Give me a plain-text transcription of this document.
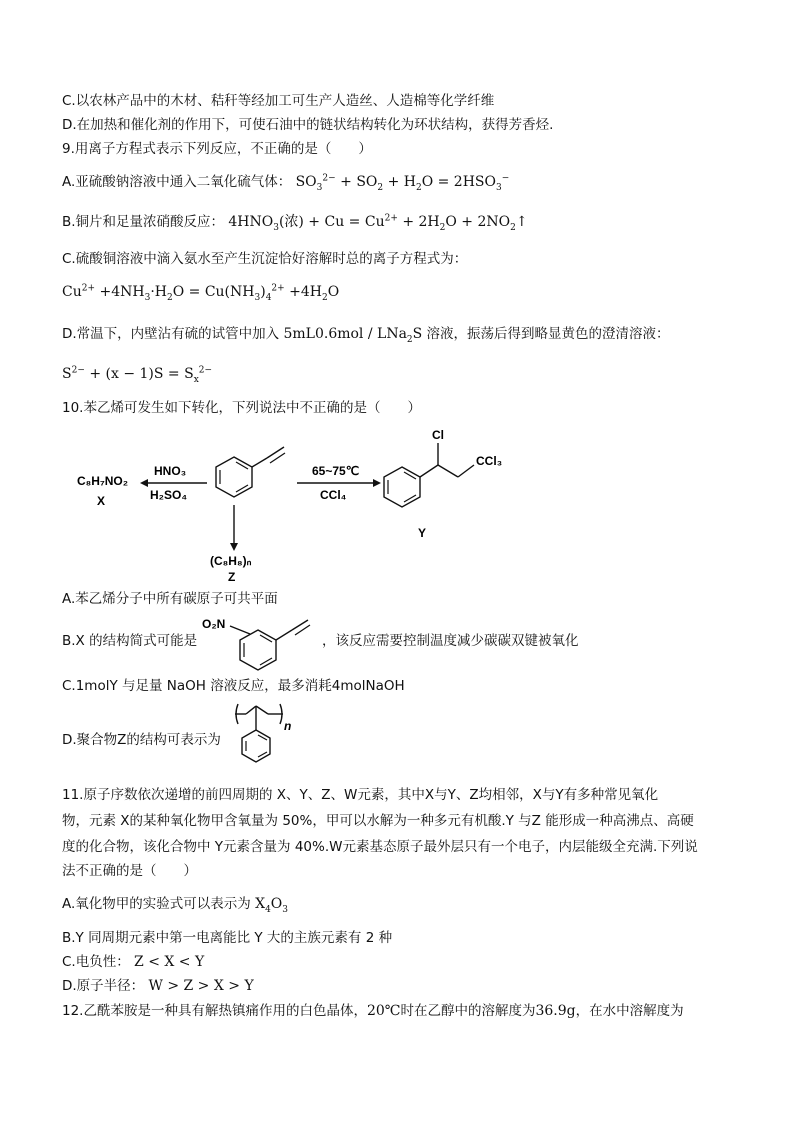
C.以农林产品中的木材、秸秆等经加工可生产人造丝、人造棉等化学纤维
D.在加热和催化剂的作用下，可使石油中的链状结构转化为环状结构，获得芳香烃.
9.用离子方程式表示下列反应，不正确的是（　　）
A.亚硫酸钠溶液中通入二氧化硫气体： $SO_3^{2-} + SO_2 + H_2O = 2HSO_3^-$
B.铜片和足量浓硝酸反应： $4HNO_3$(浓) + $Cu = Cu^{2+} + 2H_2O$ + $2NO_2↑$
C.硫酸铜溶液中滴入氨水至产生沉淀恰好溶解时总的离子方程式为：
$Cu^{2+} +4NH_3\cdot H_2O = Cu(NH_3)_4^{2+} +4H_2O$
D.常温下，内壁沾有硫的试管中加入 5mL0.6mol / LNa$_2$S 溶液，振荡后得到略显黄色的澄清溶液：
$S^{2-} + (x - 1)S = S_x^{2-}$
10.苯乙烯可发生如下转化，下列说法中不正确的是（　　）
C₈H₇NO₂
X
HNO₃
H₂SO₄
(C₈H₈)ₙ
Z
65~75℃
CCl₄
Cl
CCl₃
Y
A.苯乙烯分子中所有碳原子可共平面
B.X 的结构简式可能是
O₂N
，该反应需要控制温度减少碳碳双键被氧化
C.1molY 与足量 NaOH 溶液反应，最多消耗4molNaOH
D.聚合物Z的结构可表示为
n
11.原子序数依次递增的前四周期的 X、Y、Z、W元素，其中X与Y、Z均相邻，X与Y有多种常见氧化
物，元素 X的某种氧化物甲含氧量为 50%，甲可以水解为一种多元有机酸.Y 与Z 能形成一种高沸点、高硬
度的化合物，该化合物中 Y元素含量为 40%.W元素基态原子最外层只有一个电子，内层能级全充满.下列说
法不正确的是（　　）
A.氧化物甲的实验式可以表示为 $X_4O_3$
B.Y 同周期元素中第一电离能比 Y 大的主族元素有 2 种
C.电负性： Z < X < Y
D.原子半径： W > Z > X > Y
12.乙酰苯胺是一种具有解热镇痛作用的白色晶体，20℃时在乙醇中的溶解度为36.9g，在水中溶解度为
